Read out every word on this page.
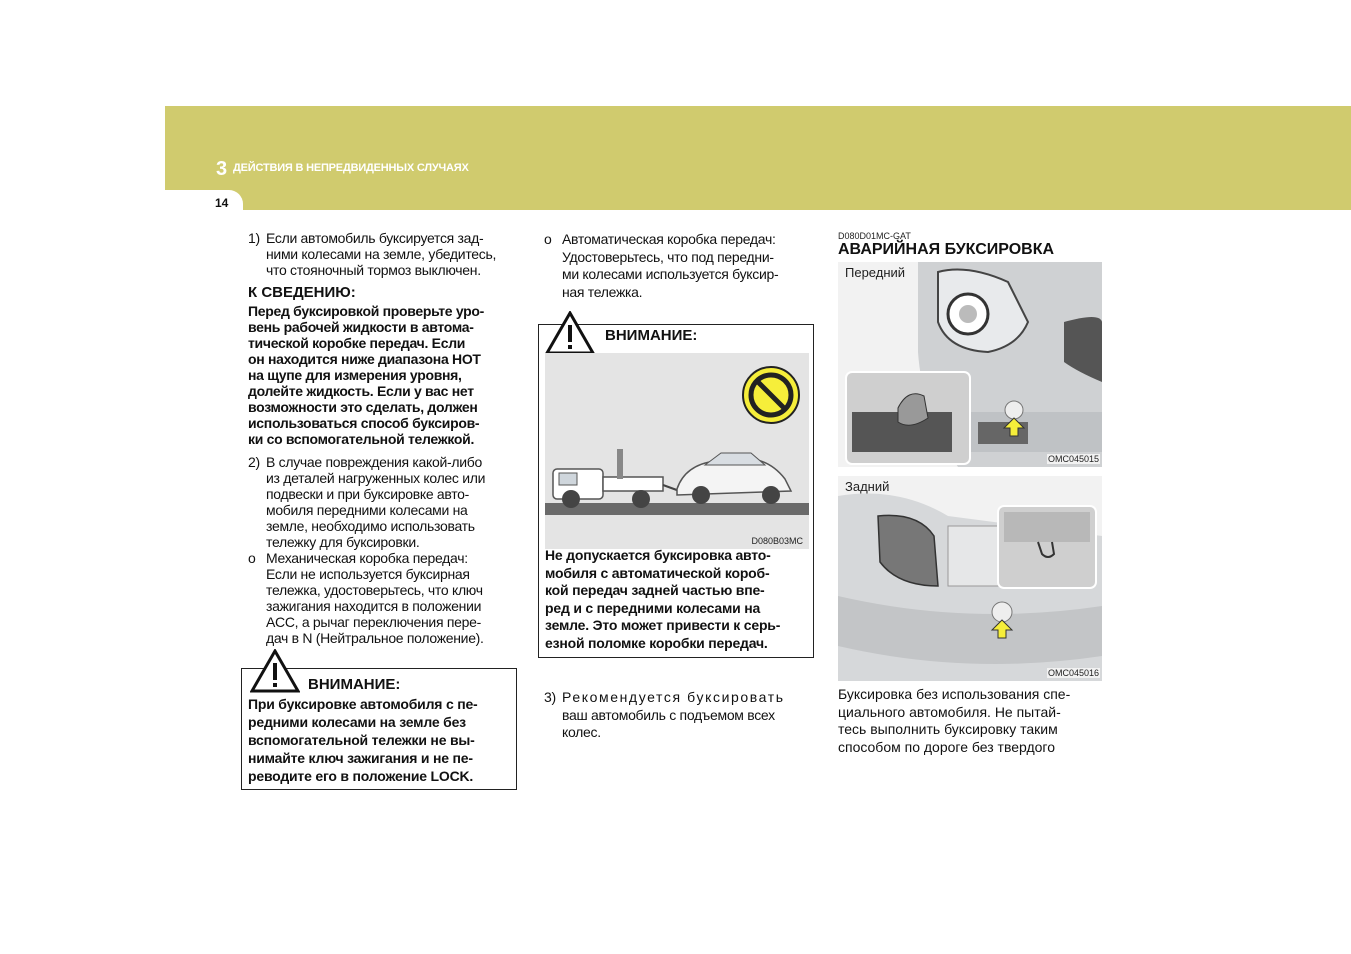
3 ДЕЙСТВИЯ В НЕПРЕДВИДЕННЫХ СЛУЧАЯХ
14
1) Если автомобиль буксируется зад-
ними колесами на земле, убедитесь,
что стояночный тормоз выключен.
К СВЕДЕНИЮ:
Перед буксировкой проверьте уро-
вень рабочей жидкости в автома-
тической коробке передач. Если
он находится ниже диапазона HOT
на щупе для измерения уровня,
долейте жидкость. Если у вас нет
возможности это сделать, должен
использоваться способ буксиров-
ки со вспомогательной тележкой.
2) В случае повреждения какой-либо
из деталей нагруженных колес или
подвески и при буксировке авто-
мобиля передними колесами на
земле, необходимо использовать
тележку для буксировки.
o Механическая коробка передач:
Если не используется буксирная
тележка, удостоверьтесь, что ключ
зажигания находится в положении
ACC, а рычаг переключения пере-
дач в N (Нейтральное положение).
ВНИМАНИЕ:
При буксировке автомобиля с пе-
редними колесами на земле без
вспомогательной тележки не вы-
нимайте ключ зажигания и не пе-
реводите его в положение LOCK.
o Автоматическая коробка передач:
Удостоверьтесь, что под передни-
ми колесами используется буксир-
ная тележка.
ВНИМАНИЕ:
D080B03MC
Не допускается буксировка авто-
мобиля с автоматической короб-
кой передач задней частью впе-
ред и с передними колесами на
земле. Это может привести к серь-
езной поломке коробки передач.
3) Рекомендуется буксировать
ваш автомобиль с подъемом всех
колес.
D080D01MC-GAT
АВАРИЙНАЯ БУКСИРОВКА
Передний
OMC045015
Задний
OMC045016
Буксировка без использования спе-
циального автомобиля. Не пытай-
тесь выполнить буксировку таким
способом по дороге без твердого
